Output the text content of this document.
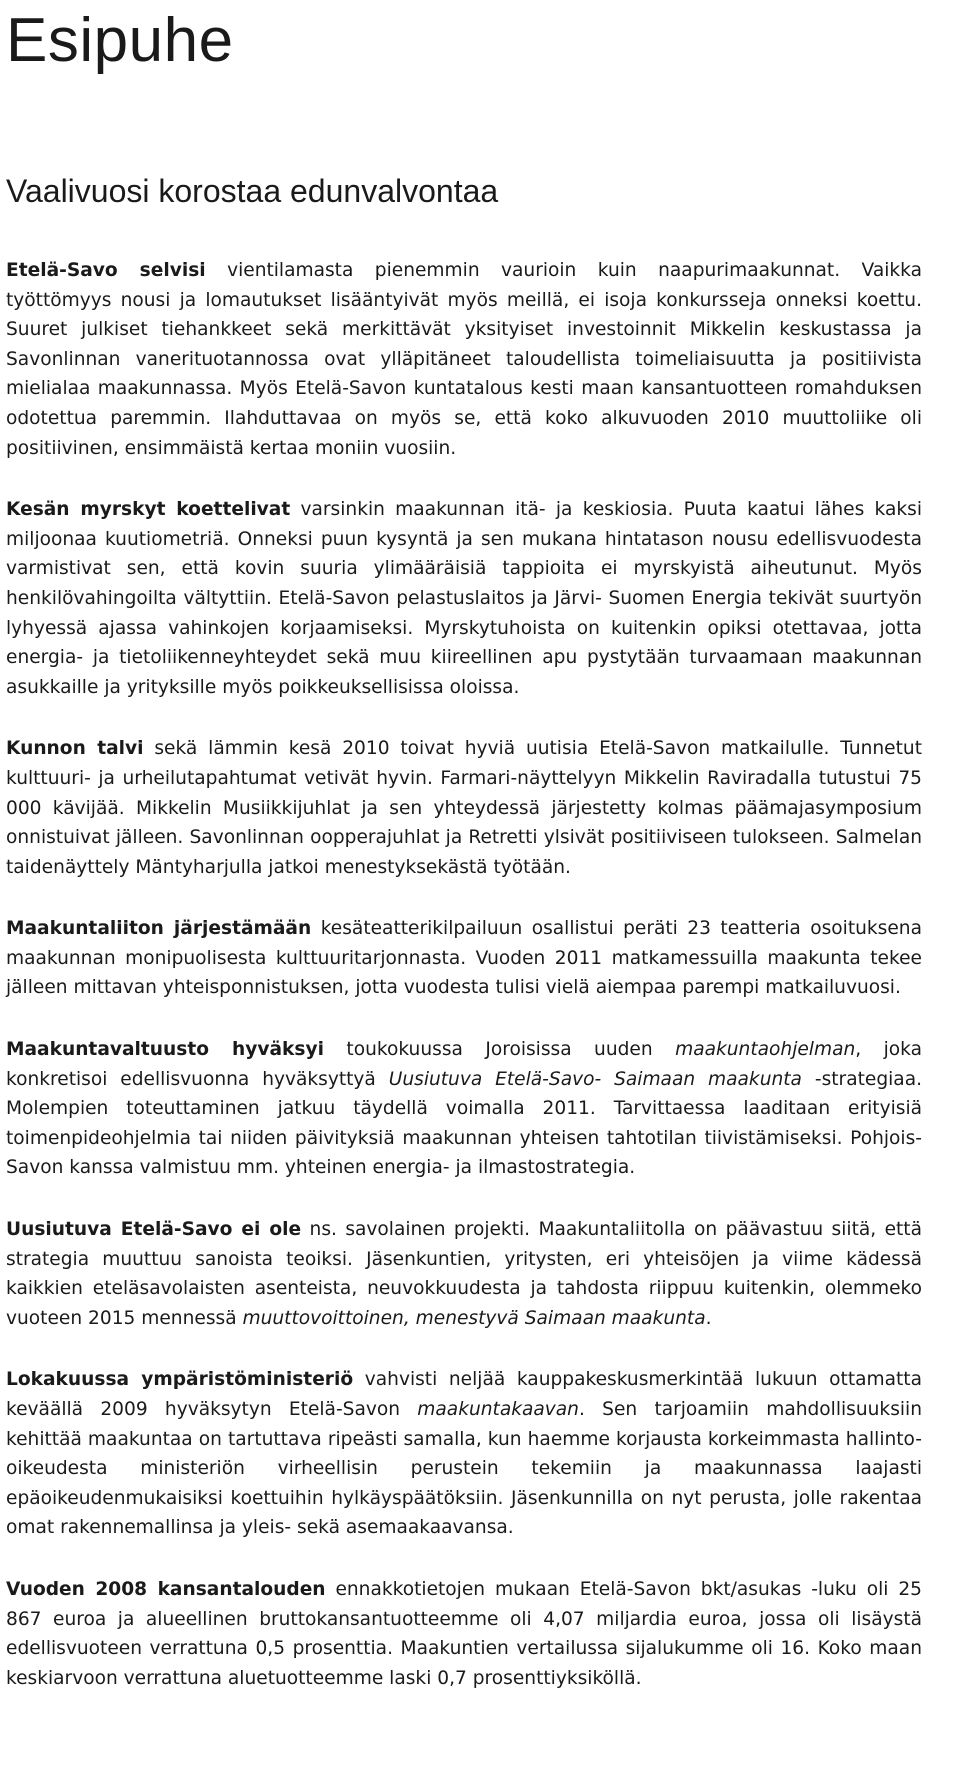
Esipuhe
Vaalivuosi korostaa edunvalvontaa

Etelä-Savo selvisi vientilamasta pienemmin vaurioin kuin naapurimaakunnat. Vaikka työttömyys nousi ja lomautukset lisääntyivät myös meillä, ei isoja konkursseja onneksi koettu. Suuret julkiset tiehankkeet sekä merkittävät yksityiset investoinnit Mikkelin keskustassa ja Savonlinnan vanerituotannossa ovat ylläpitäneet taloudellista toimeliaisuutta ja positiivista mielialaa maakunnassa. Myös Etelä-Savon kuntatalous kesti maan kansantuotteen romahduksen odotettua paremmin. Ilahduttavaa on myös se, että koko alkuvuoden 2010 muuttoliike oli positiivinen, ensimmäistä kertaa moniin vuosiin.

Kesän myrskyt koettelivat varsinkin maakunnan itä- ja keskiosia. Puuta kaatui lähes kaksi miljoonaa kuutiometriä. Onneksi puun kysyntä ja sen mukana hintatason nousu edellisvuodesta varmistivat sen, että kovin suuria ylimääräisiä tappioita ei myrskyistä aiheutunut. Myös henkilövahingoilta vältyttiin. Etelä-Savon pelastuslaitos ja Järvi- Suomen Energia tekivät suurtyön lyhyessä ajassa vahinkojen korjaamiseksi. Myrskytuhoista on kuitenkin opiksi otettavaa, jotta energia- ja tietoliikenneyhteydet sekä muu kiireellinen apu pystytään turvaamaan maakunnan asukkaille ja yrityksille myös poikkeuksellisissa oloissa.

Kunnon talvi sekä lämmin kesä 2010 toivat hyviä uutisia Etelä-Savon matkailulle. Tunnetut kulttuuri- ja urheilutapahtumat vetivät hyvin. Farmari-näyttelyyn Mikkelin Raviradalla tutustui 75 000 kävijää. Mikkelin Musiikkijuhlat ja sen yhteydessä järjestetty kolmas päämajasymposium onnistuivat jälleen. Savonlinnan oopperajuhlat ja Retretti ylsivät positiiviseen tulokseen. Salmelan taidenäyttely Mäntyharjulla jatkoi menestyksekästä työtään.

Maakuntaliiton järjestämään kesäteatterikilpailuun osallistui peräti 23 teatteria osoituksena maakunnan monipuolisesta kulttuuritarjonnasta. Vuoden 2011 matkamessuilla maakunta tekee jälleen mittavan yhteisponnistuksen, jotta vuodesta tulisi vielä aiempaa parempi matkailuvuosi.

Maakuntavaltuusto hyväksyi toukokuussa Joroisissa uuden maakuntaohjelman, joka konkretisoi edellisvuonna hyväksyttyä Uusiutuva Etelä-Savo- Saimaan maakunta -strategiaa. Molempien toteuttaminen jatkuu täydellä voimalla 2011. Tarvittaessa laaditaan erityisiä toimenpideohjelmia tai niiden päivityksiä maakunnan yhteisen tahtotilan tiivistämiseksi. Pohjois-Savon kanssa valmistuu mm. yhteinen energia- ja ilmastostrategia.

Uusiutuva Etelä-Savo ei ole ns. savolainen projekti. Maakuntaliitolla on päävastuu siitä, että strategia muuttuu sanoista teoiksi. Jäsenkuntien, yritysten, eri yhteisöjen ja viime kädessä kaikkien eteläsavolaisten asenteista, neuvokkuudesta ja tahdosta riippuu kuitenkin, olemmeko vuoteen 2015 mennessä muuttovoittoinen, menestyvä Saimaan maakunta.

Lokakuussa ympäristöministeriö vahvisti neljää kauppakeskusmerkintää lukuun ottamatta keväällä 2009 hyväksytyn Etelä-Savon maakuntakaavan. Sen tarjoamiin mahdollisuuksiin kehittää maakuntaa on tartuttava ripeästi samalla, kun haemme korjausta korkeimmasta hallinto-oikeudesta ministeriön virheellisin perustein tekemiin ja maakunnassa laajasti epäoikeudenmukaisiksi koettuihin hylkäyspäätöksiin. Jäsenkunnilla on nyt perusta, jolle rakentaa omat rakennemallinsa ja yleis- sekä asemaakaavansa.

Vuoden 2008 kansantalouden ennakkotietojen mukaan Etelä-Savon bkt/asukas -luku oli 25 867 euroa ja alueellinen bruttokansantuotteemme oli 4,07 miljardia euroa, jossa oli lisäystä edellisvuoteen verrattuna 0,5 prosenttia. Maakuntien vertailussa sijalukumme oli 16. Koko maan keskiarvoon verrattuna aluetuotteemme laski 0,7 prosenttiyksiköllä.
